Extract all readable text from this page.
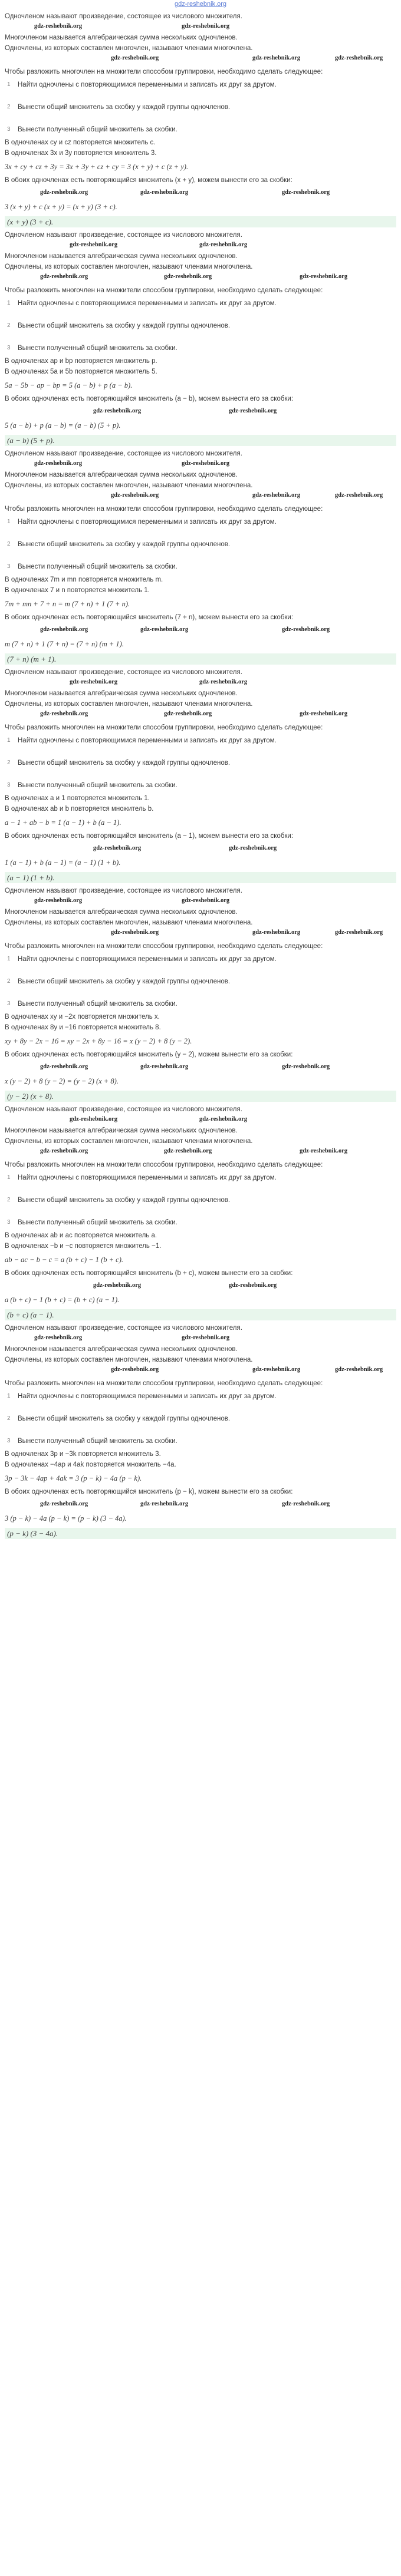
gdz-reshebnik.org
Одночленом называют произведение, состоящее из числового множителя.
gdz-reshebnik.org	gdz-reshebnik.org
Многочленом называется алгебраическая сумма нескольких одночленов.
Одночлены, из которых составлен многочлен, называют членами многочлена.
gdz-reshebnik.org	gdz-reshebnik.org	gdz-reshebnik.org
Чтобы разложить многочлен на множители способом группировки, необходимо сделать следующее:
1 Найти одночлены с повторяющимися переменными и записать их друг за другом.
2 Вынести общий множитель за скобку у каждой группы одночленов.
3 Вынести полученный общий множитель за скобки.
В одночленах cy и cz повторяется множитель c.
В одночленах 3x и 3y повторяется множитель 3.
3x + cy + cz + 3y = 3x + 3y + cz + cy = 3 (x + y) + c (z + y).
В обоих одночленах есть повторяющийся множитель (x + y), можем вынести его за скобки:
gdz-reshebnik.org	gdz-reshebnik.org	gdz-reshebnik.org
3 (x + y) + c (x + y) = (x + y) (3 + c).
(x + y) (3 + c).
Одночленом называют произведение, состоящее из числового множителя.
gdz-reshebnik.org	gdz-reshebnik.org
Многочленом называется алгебраическая сумма нескольких одночленов.
Одночлены, из которых составлен многочлен, называют членами многочлена.
gdz-reshebnik.org	gdz-reshebnik.org	gdz-reshebnik.org
Чтобы разложить многочлен на множители способом группировки, необходимо сделать следующее:
1 Найти одночлены с повторяющимися переменными и записать их друг за другом.
2 Вынести общий множитель за скобку у каждой группы одночленов.
3 Вынести полученный общий множитель за скобки.
В одночленах ap и bp повторяется множитель p.
В одночленах 5a и 5b повторяется множитель 5.
5a − 5b − ap − bp = 5 (a − b) + p (a − b).
В обоих одночленах есть повторяющийся множитель (a − b), можем вынести его за скобки:
gdz-reshebnik.org	gdz-reshebnik.org
5 (a − b) + p (a − b) = (a − b) (5 + p).
(a − b) (5 + p).
Одночленом называют произведение, состоящее из числового множителя.
gdz-reshebnik.org	gdz-reshebnik.org
Многочленом называется алгебраическая сумма нескольких одночленов.
Одночлены, из которых составлен многочлен, называют членами многочлена.
gdz-reshebnik.org	gdz-reshebnik.org	gdz-reshebnik.org
Чтобы разложить многочлен на множители способом группировки, необходимо сделать следующее:
1 Найти одночлены с повторяющимися переменными и записать их друг за другом.
2 Вынести общий множитель за скобку у каждой группы одночленов.
3 Вынести полученный общий множитель за скобки.
В одночленах 7m и mn повторяется множитель m.
В одночленах 7 и n повторяется множитель 1.
7m + mn + 7 + n = m (7 + n) + 1 (7 + n).
В обоих одночленах есть повторяющийся множитель (7 + n), можем вынести его за скобки:
gdz-reshebnik.org	gdz-reshebnik.org	gdz-reshebnik.org
m (7 + n) + 1 (7 + n) = (7 + n) (m + 1).
(7 + n) (m + 1).
Одночленом называют произведение, состоящее из числового множителя.
gdz-reshebnik.org	gdz-reshebnik.org
Многочленом называется алгебраическая сумма нескольких одночленов.
Одночлены, из которых составлен многочлен, называют членами многочлена.
gdz-reshebnik.org	gdz-reshebnik.org	gdz-reshebnik.org
Чтобы разложить многочлен на множители способом группировки, необходимо сделать следующее:
1 Найти одночлены с повторяющимися переменными и записать их друг за другом.
2 Вынести общий множитель за скобку у каждой группы одночленов.
3 Вынести полученный общий множитель за скобки.
В одночленах a и 1 повторяется множитель 1.
В одночленах ab и b повторяется множитель b.
a − 1 + ab − b = 1 (a − 1) + b (a − 1).
В обоих одночленах есть повторяющийся множитель (a − 1), можем вынести его за скобки:
gdz-reshebnik.org	gdz-reshebnik.org
1 (a − 1) + b (a − 1) = (a − 1) (1 + b).
(a − 1) (1 + b).
Одночленом называют произведение, состоящее из числового множителя.
gdz-reshebnik.org	gdz-reshebnik.org
Многочленом называется алгебраическая сумма нескольких одночленов.
Одночлены, из которых составлен многочлен, называют членами многочлена.
gdz-reshebnik.org	gdz-reshebnik.org	gdz-reshebnik.org
Чтобы разложить многочлен на множители способом группировки, необходимо сделать следующее:
1 Найти одночлены с повторяющимися переменными и записать их друг за другом.
2 Вынести общий множитель за скобку у каждой группы одночленов.
3 Вынести полученный общий множитель за скобки.
В одночленах xy и −2x повторяется множитель x.
В одночленах 8y и −16 повторяется множитель 8.
xy + 8y − 2x − 16 = xy − 2x + 8y − 16 = x (y − 2) + 8 (y − 2).
В обоих одночленах есть повторяющийся множитель (y − 2), можем вынести его за скобки:
gdz-reshebnik.org	gdz-reshebnik.org	gdz-reshebnik.org
x (y − 2) + 8 (y − 2) = (y − 2) (x + 8).
(y − 2) (x + 8).
Одночленом называют произведение, состоящее из числового множителя.
gdz-reshebnik.org	gdz-reshebnik.org
Многочленом называется алгебраическая сумма нескольких одночленов.
Одночлены, из которых составлен многочлен, называют членами многочлена.
gdz-reshebnik.org	gdz-reshebnik.org	gdz-reshebnik.org
Чтобы разложить многочлен на множители способом группировки, необходимо сделать следующее:
1 Найти одночлены с повторяющимися переменными и записать их друг за другом.
2 Вынести общий множитель за скобку у каждой группы одночленов.
3 Вынести полученный общий множитель за скобки.
В одночленах ab и ac повторяется множитель a.
В одночленах −b и −c повторяется множитель −1.
ab − ac − b − c = a (b + c) − 1 (b + c).
В обоих одночленах есть повторяющийся множитель (b + c), можем вынести его за скобки:
gdz-reshebnik.org	gdz-reshebnik.org
a (b + c) − 1 (b + c) = (b + c) (a − 1).
(b + c) (a − 1).
Одночленом называют произведение, состоящее из числового множителя.
gdz-reshebnik.org	gdz-reshebnik.org
Многочленом называется алгебраическая сумма нескольких одночленов.
Одночлены, из которых составлен многочлен, называют членами многочлена.
gdz-reshebnik.org	gdz-reshebnik.org	gdz-reshebnik.org
Чтобы разложить многочлен на множители способом группировки, необходимо сделать следующее:
1 Найти одночлены с повторяющимися переменными и записать их друг за другом.
2 Вынести общий множитель за скобку у каждой группы одночленов.
3 Вынести полученный общий множитель за скобки.
В одночленах 3p и −3k повторяется множитель 3.
В одночленах −4ap и 4ak повторяется множитель −4a.
3p − 3k − 4ap + 4ak = 3 (p − k) − 4a (p − k).
В обоих одночленах есть повторяющийся множитель (p − k), можем вынести его за скобки:
gdz-reshebnik.org	gdz-reshebnik.org	gdz-reshebnik.org
3 (p − k) − 4a (p − k) = (p − k) (3 − 4a).
(p − k) (3 − 4a).
